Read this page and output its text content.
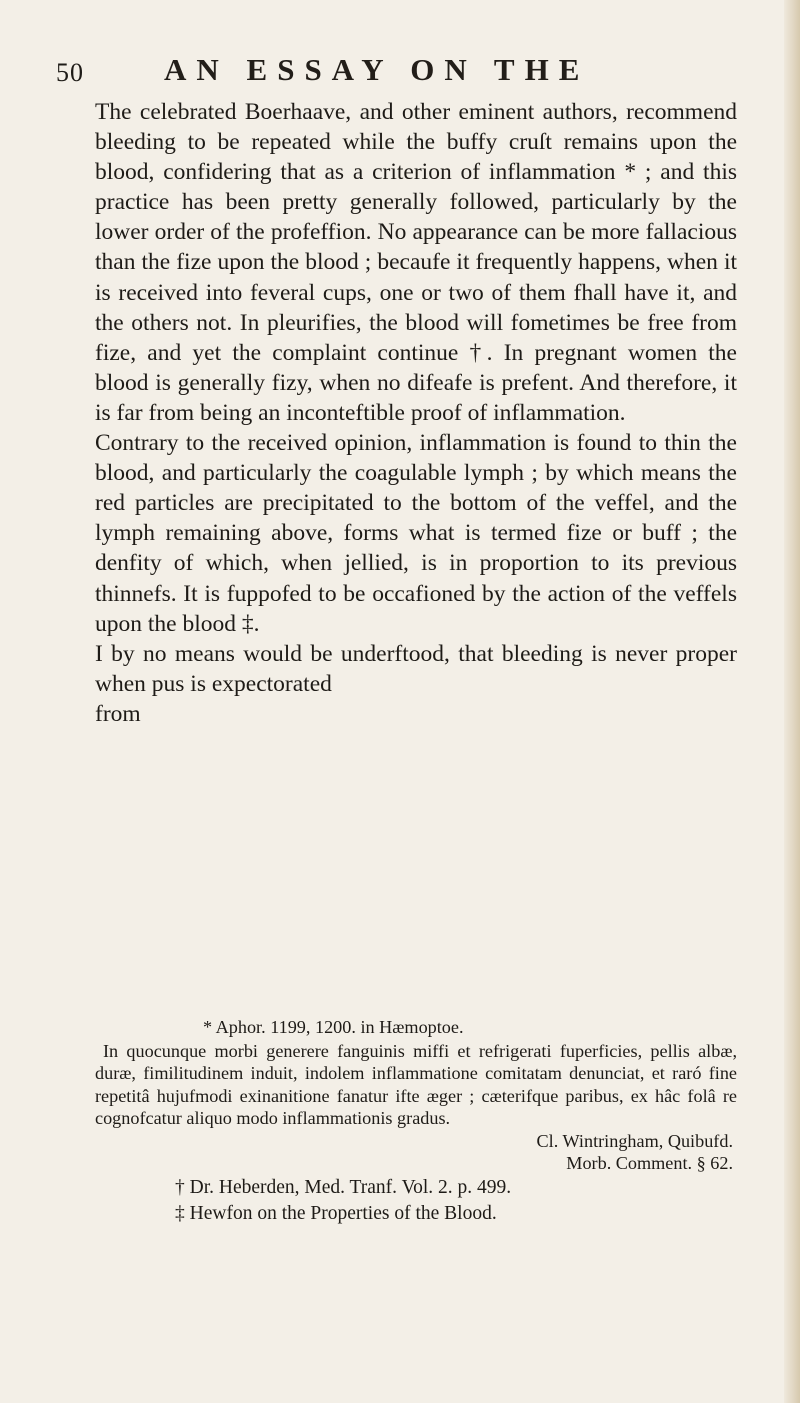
50	AN ESSAY ON THE

The celebrated Boerhaave, and other eminent authors, recommend bleeding to be repeated while the buffy cruſt remains upon the blood, confidering that as a criterion of inflammation * ; and this practice has been pretty generally followed, particularly by the lower order of the profeffion. No appearance can be more fallacious than the fize upon the blood ; becaufe it frequently happens, when it is received into feveral cups, one or two of them fhall have it, and the others not. In pleurifies, the blood will fometimes be free from fize, and yet the complaint continue †. In pregnant women the blood is generally fizy, when no difeafe is prefent. And therefore, it is far from being an inconteftible proof of inflammation.

Contrary to the received opinion, inflammation is found to thin the blood, and particularly the coagulable lymph ; by which means the red particles are precipitated to the bottom of the veffel, and the lymph remaining above, forms what is termed fize or buff ; the denfity of which, when jellied, is in proportion to its previous thinnefs. It is fuppofed to be occafioned by the action of the veffels upon the blood ‡.

I by no means would be underftood, that bleeding is never proper when pus is expectorated

from

* Aphor. 1199, 1200. in Hæmoptoe.

In quocunque morbi generere fanguinis miffi et refrigerati fuperficies, pellis albæ, duræ, fimilitudinem induit, indolem inflammatione comitatam denunciat, et raró fine repetitâ hujufmodi exinanitione fanatur ifte æger ; cæterifque paribus, ex hâc folâ re cognofcatur aliquo modo inflammationis gradus.

Cl. Wintringham, Quibufd.

Morb. Comment. § 62.

† Dr. Heberden, Med. Tranf. Vol. 2. p. 499.

‡ Hewfon on the Properties of the Blood.
